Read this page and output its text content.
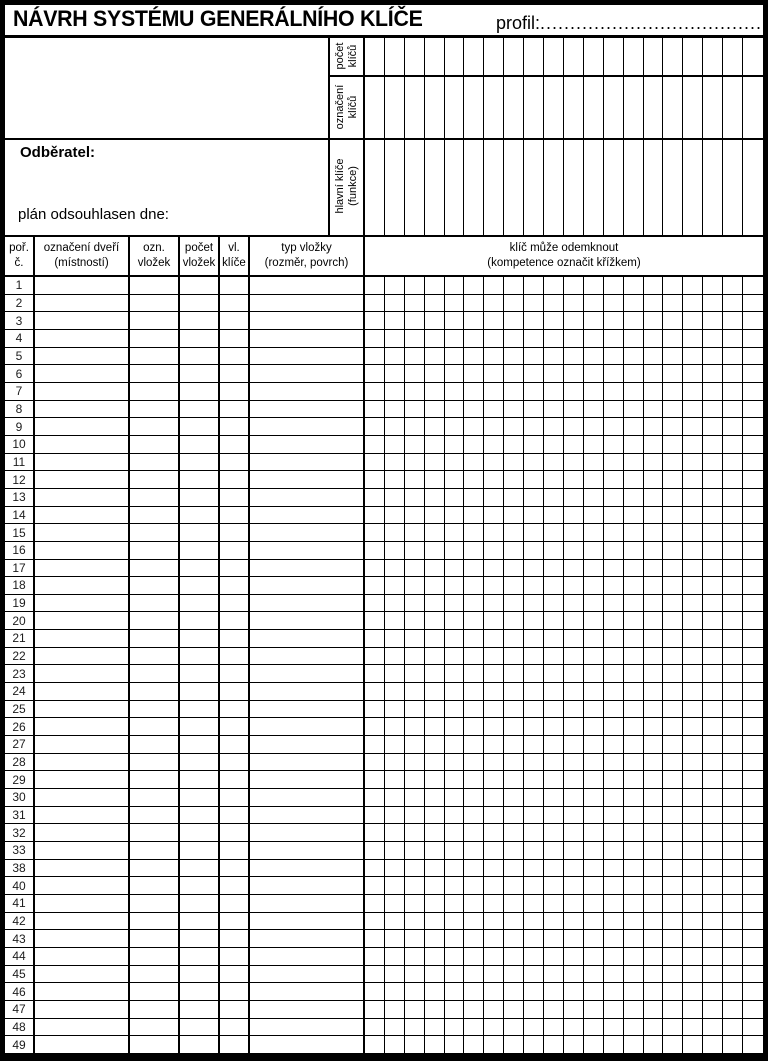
NÁVRH SYSTÉMU GENERÁLNÍHO KLÍČE	profil: .....................................
Odběratel:
plán odsouhlasen dne:
počet klíčů
označení klíčů
hlavní klíče (funkce)
poř.
č.
označení dveří
(místností)
ozn.
vložek
počet
vložek
vl.
klíče
typ vložky
(rozměr, povrch)
klíč může odemknout
(kompetence označit křížkem)
1
2
3
4
5
6
7
8
9
10
11
12
13
14
15
16
17
18
19
20
21
22
23
24
25
26
27
28
29
30
31
32
33
38
40
41
42
43
44
45
46
47
48
49
